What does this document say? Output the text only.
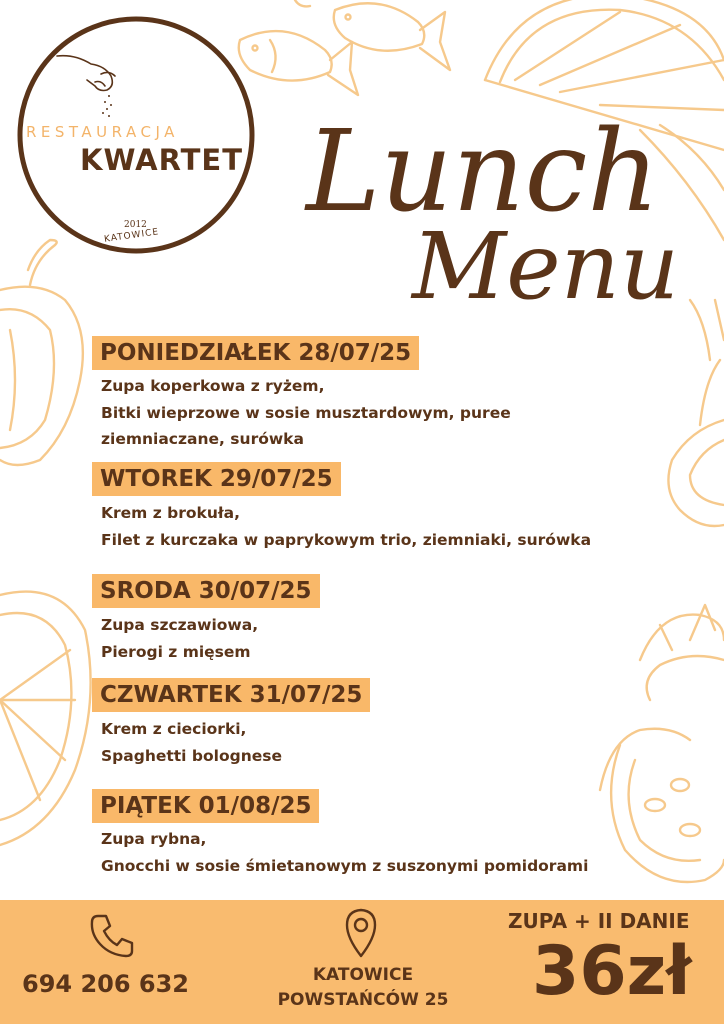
RESTAURACJA
KWARTET
2012
KATOWICE Lunch
Menu
PONIEDZIAŁEK 28/07/25
Zupa koperkowa z ryżem,
Bitki wieprzowe w sosie musztardowym, puree
ziemniaczane, surówka
WTOREK 29/07/25
Krem z brokuła,
Filet z kurczaka w paprykowym trio, ziemniaki, surówka
SRODA 30/07/25
Zupa szczawiowa,
Pierogi z mięsem
CZWARTEK 31/07/25
Krem z cieciorki,
Spaghetti bolognese
PIĄTEK 01/08/25
Zupa rybna,
Gnocchi w sosie śmietanowym z suszonymi pomidorami
694 206 632	KATOWICE
POWSTAŃCÓW 25
ZUPA + II DANIE
36zł
